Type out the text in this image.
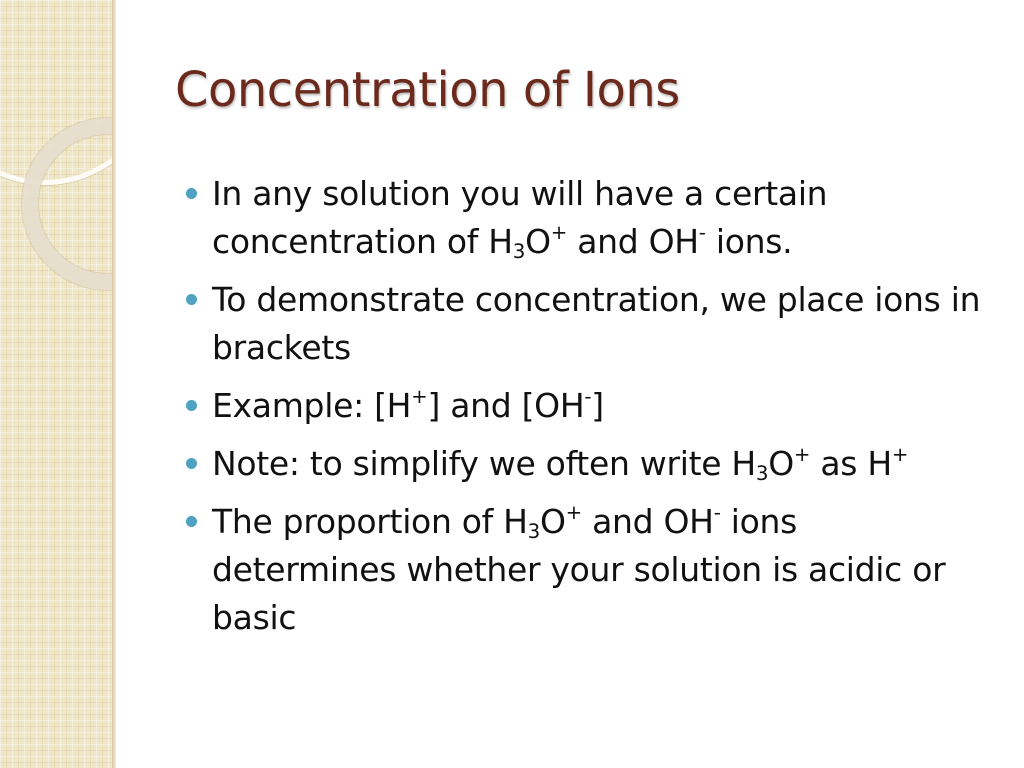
Concentration of Ions
In any solution you will have a certain concentration of $H_3O^+$ and OH- ions.
To demonstrate concentration, we place ions in brackets
Example: [H+] and [OH-]
Note: to simplify we often write $H_3O^+$ as H+
The proportion of $H_3O^+$ and OH- ions determines whether your solution is acidic or basic
